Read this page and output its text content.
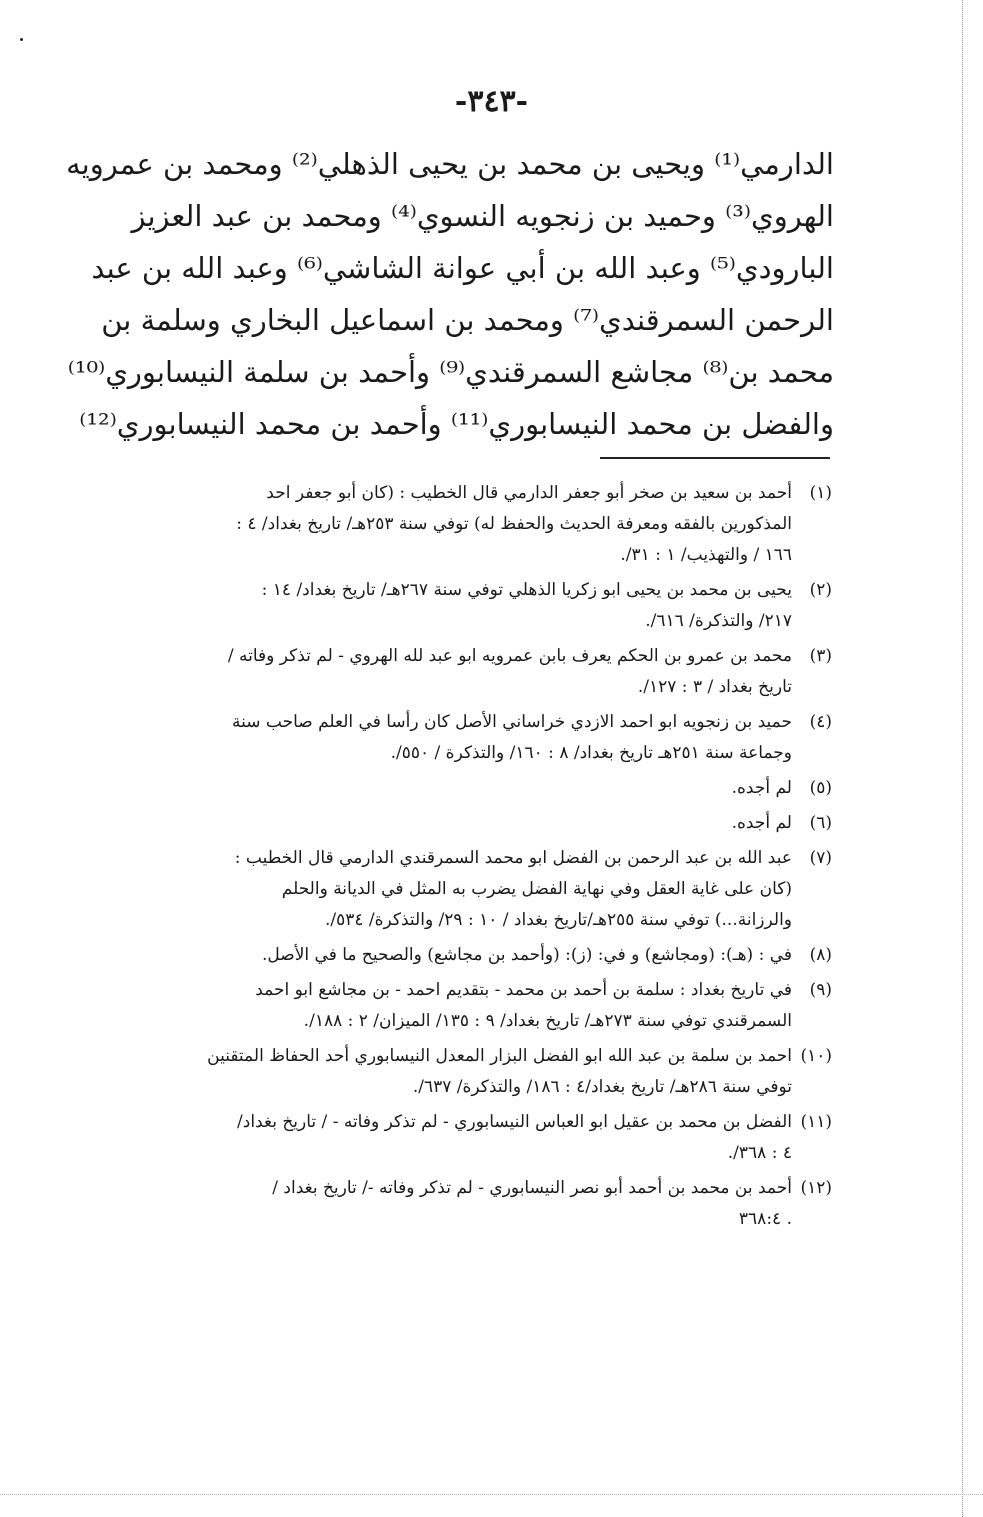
-٣٤٣-
الدارمي⁽¹⁾ ويحيى بن محمد بن يحيى الذهلي⁽²⁾ ومحمد بن عمرويه
الهروي⁽³⁾ وحميد بن زنجويه النسوي⁽⁴⁾ ومحمد بن عبد العزيز
البارودي⁽⁵⁾ وعبد الله بن أبي عوانة الشاشي⁽⁶⁾ وعبد الله بن عبد
الرحمن السمرقندي⁽⁷⁾ ومحمد بن اسماعيل البخاري وسلمة بن
محمد بن⁽⁸⁾ مجاشع السمرقندي⁽⁹⁾ وأحمد بن سلمة النيسابوري⁽¹⁰⁾
والفضل بن محمد النيسابوري⁽¹¹⁾ وأحمد بن محمد النيسابوري⁽¹²⁾
(١)
أحمد بن سعيد بن صخر أبو جعفر الدارمي قال الخطيب : (كان أبو جعفر احد
المذكورين بالفقه ومعرفة الحديث والحفظ له) توفي سنة ٢٥٣هـ/ تاريخ بغداد/ ٤ :
١٦٦ / والتهذيب/ ١ : ٣١/.
(٢)
يحيى بن محمد بن يحيى ابو زكريا الذهلي توفي سنة ٢٦٧هـ/ تاريخ بغداد/ ١٤ :
٢١٧/ والتذكرة/ ٦١٦/.
(٣)
محمد بن عمرو بن الحكم يعرف بابن عمرويه ابو عبد لله الهروي - لم تذكر وفاته /
تاريخ بغداد / ٣ : ١٢٧/.
(٤)
حميد بن زنجويه ابو احمد الازدي خراساني الأصل كان رأسا في العلم صاحب سنة
وجماعة سنة ٢٥١هـ تاريخ بغداد/ ٨ : ١٦٠/ والتذكرة / ٥٥٠/.
(٥)
لم أجده.
(٦)
لم أجده.
(٧)
عبد الله بن عبد الرحمن بن الفضل ابو محمد السمرقندي الدارمي قال الخطيب :
(كان على غاية العقل وفي نهاية الفضل يضرب به المثل في الديانة والحلم
والرزانة...) توفي سنة ٢٥٥هـ/تاريخ بغداد / ١٠ : ٢٩/ والتذكرة/ ٥٣٤/.
(٨)
في : (هـ): (ومجاشع) و في: (ز): (وأحمد بن مجاشع) والصحيح ما في الأصل.
(٩)
في تاريخ بغداد : سلمة بن أحمد بن محمد - بتقديم احمد - بن مجاشع ابو احمد
السمرقندي توفي سنة ٢٧٣هـ/ تاريخ بغداد/ ٩ : ١٣٥/ الميزان/ ٢ : ١٨٨/.
(١٠)
احمد بن سلمة بن عبد الله ابو الفضل البزار المعدل النيسابوري أحد الحفاظ المتقنين
توفي سنة ٢٨٦هـ/ تاريخ بغداد/٤ : ١٨٦/ والتذكرة/ ٦٣٧/.
(١١)
الفضل بن محمد بن عقيل ابو العباس النيسابوري - لم تذكر وفاته - / تاريخ بغداد/
٤ : ٣٦٨/.
(١٢)
أحمد بن محمد بن أحمد أبو نصر النيسابوري - لم تذكر وفاته -/ تاريخ بغداد /
. ٣٦٨:٤
